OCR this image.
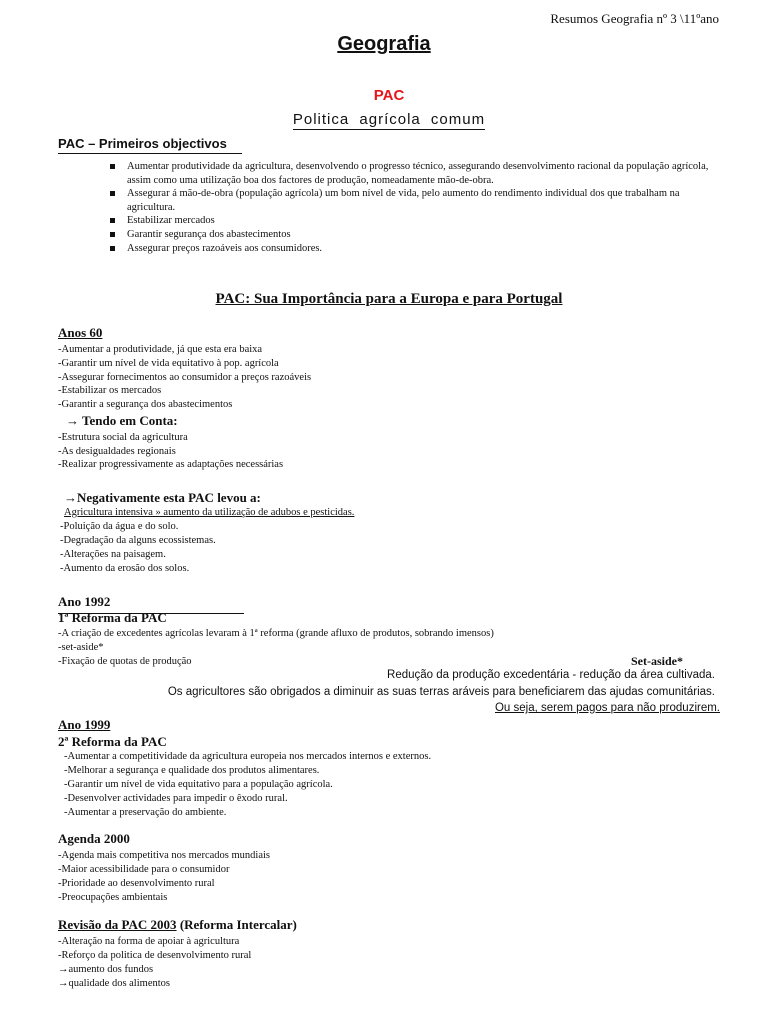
Resumos Geografia nº 3 \11ºano
Geografia
PAC
Politica agrícola comum
PAC – Primeiros objectivos
Aumentar produtividade da agricultura, desenvolvendo o progresso técnico, assegurando desenvolvimento racional da população agrícola, assim como uma utilização boa dos factores de produção, nomeadamente mão-de-obra.
Assegurar á mão-de-obra (população agrícola) um bom nível de vida, pelo aumento do rendimento individual dos que trabalham na agricultura.
Estabilizar mercados
Garantir segurança dos abastecimentos
Assegurar preços razoáveis aos consumidores.
PAC: Sua Importância para a Europa e para Portugal
Anos 60
-Aumentar a produtividade, já que esta era baixa
-Garantir um nível de vida equitativo à pop. agrícola
-Assegurar fornecimentos ao consumidor a preços razoáveis
-Estabilizar os mercados
-Garantir a segurança dos abastecimentos
→ Tendo em Conta:
-Estrutura social da agricultura
-As desigualdades regionais
-Realizar progressivamente as adaptações necessárias
→Negativamente esta PAC levou a:
Agricultura intensiva » aumento da utilização de adubos e pesticidas.
-Poluição da água e do solo.
-Degradação da alguns ecossistemas.
-Alterações na paisagem.
-Aumento da erosão dos solos.
Ano 1992
1ª Reforma da PAC
-A criação de excedentes agrícolas levaram à 1ª reforma (grande afluxo de produtos, sobrando imensos)
-set-aside*
-Fixação de quotas de produção	Set-aside*
Redução da produção excedentária - redução da área cultivada.
Os agricultores são obrigados a diminuir as suas terras aráveis para beneficiarem das ajudas comunitárias.
Ou seja, serem pagos para não produzirem.
Ano 1999
2ª Reforma da PAC
-Aumentar a competitividade da agricultura europeia nos mercados internos e externos.
-Melhorar a segurança e qualidade dos produtos alimentares.
-Garantir um nível de vida equitativo para a população agrícola.
-Desenvolver actividades para impedir o êxodo rural.
-Aumentar a preservação do ambiente.
Agenda 2000
-Agenda mais competitiva nos mercados mundiais
-Maior acessibilidade para o consumidor
-Prioridade ao desenvolvimento rural
-Preocupações ambientais
Revisão da PAC 2003 (Reforma Intercalar)
-Alteração na forma de apoiar à agricultura
-Reforço da politica de desenvolvimento rural
→aumento dos fundos
→qualidade dos alimentos
